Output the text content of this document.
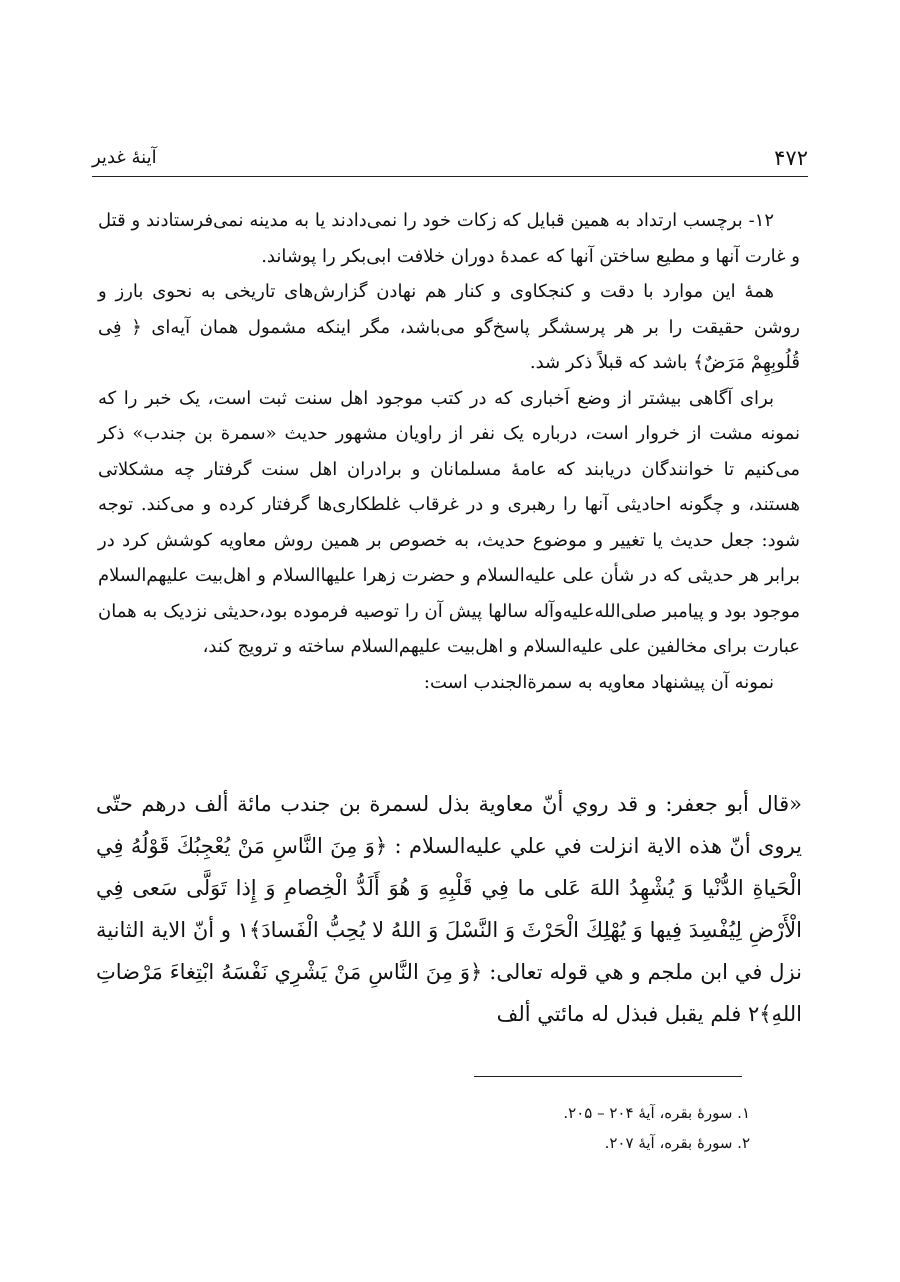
۴۷۲
آینهٔ غدیر

۱۲- برچسب ارتداد به همین قبایل که زکات خود را نمی‌دادند یا به مدینه نمی‌فرستادند و قتل و غارت آنها و مطیع ساختن آنها که عمدهٔ دوران خلافت ابی‌بکر را پوشاند.

همهٔ این موارد با دقت و کنجکاوی و کنار هم نهادن گزارش‌های تاریخی به نحوی بارز و روشن حقیقت را بر هر پرسشگر پاسخ‌گو می‌باشد، مگر اینکه مشمول همان آیه‌ای ﴿ فِی قُلُوبِهِمْ مَرَضٌ﴾ باشد که قبلاً ذکر شد.

برای آگاهی بیشتر از وضع اَخباری که در کتب موجود اهل سنت ثبت است، یک خبر را که نمونه مشت از خروار است، درباره یک نفر از راویان مشهور حدیث «سمرة بن جندب» ذکر می‌کنیم تا خوانندگان دریابند که عامهٔ مسلمانان و برادران اهل سنت گرفتار چه مشکلاتی هستند، و چگونه احادیثی آنها را رهبری و در غرقاب غلطکاری‌ها گرفتار کرده و می‌کند. توجه شود: جعل حدیث یا تغییر و موضوع حدیث، به خصوص بر همین روش معاویه کوشش کرد در برابر هر حدیثی که در شأن علی علیه‌السلام و حضرت زهرا علیها‌السلام و اهل‌بیت علیهم‌السلام موجود بود و پیامبر صلی‌الله‌علیه‌وآله سالها پیش آن را توصیه فرموده بود،حدیثی نزدیک به همان عبارت برای مخالفین علی علیه‌السلام و اهل‌بیت علیهم‌السلام ساخته و ترویج کند،

نمونه آن پیشنهاد معاویه به سمرةالجندب است:

«قال أبو جعفر: و قد روي أنّ معاوية بذل لسمرة بن جندب مائة ألف درهم حتّى يروى أنّ هذه الاية انزلت في علي عليه‌السلام : ﴿وَ مِنَ النَّاسِ مَنْ يُعْجِبُكَ قَوْلُهُ فِي الْحَياةِ الدُّنْيا وَ يُشْهِدُ اللهَ عَلى ما فِي قَلْبِهِ وَ هُوَ أَلَدُّ الْخِصامِ وَ إِذا تَوَلَّى سَعى فِي الْأَرْضِ لِيُفْسِدَ فِيها وَ يُهْلِكَ الْحَرْثَ وَ النَّسْلَ وَ اللهُ لا يُحِبُّ الْفَسادَ﴾١ و أنّ الاية الثانية نزل في ابن ملجم و هي قوله تعالى: ﴿وَ مِنَ النَّاسِ مَنْ يَشْرِي نَفْسَهُ ابْتِغاءَ مَرْضاتِ اللهِ﴾٢ فلم يقبل فبذل له مائتي ألف

۱. سورهٔ بقره، آیهٔ ۲۰۴ – ۲۰۵.
۲. سورهٔ بقره، آیهٔ ۲۰۷.
